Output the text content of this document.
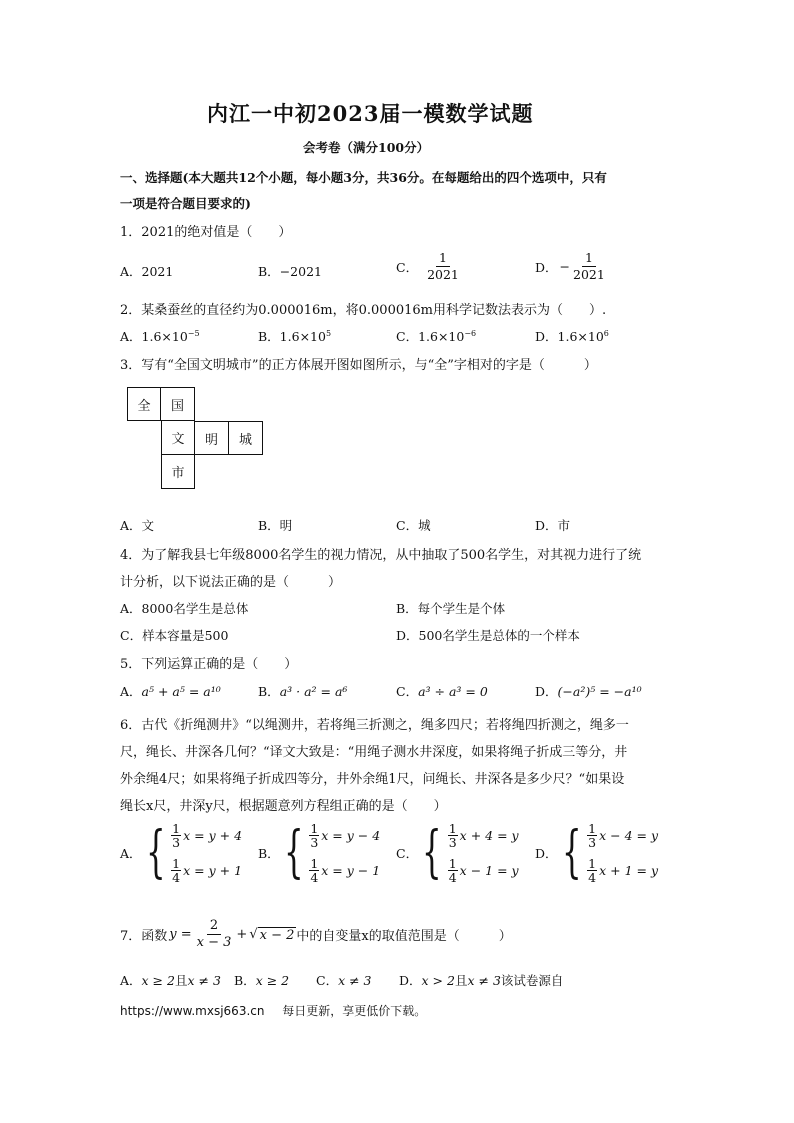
内江一中初2023届一模数学试题
会考卷（满分100分）
一、选择题(本大题共12个小题，每小题3分，共36分。在每题给出的四个选项中，只有
一项是符合题目要求的)
1．2021的绝对值是（　　）
A．2021	B．−2021	C． $\frac{1}{2021}$	D． − $\frac{1}{2021}$
2．某桑蚕丝的直径约为0.000016m，将0.000016m用科学记数法表示为（　　）.
A．$1.6\times 10^{-5}$	B．$1.6\times 10^5$	C．$1.6\times 10^{-6}$	D．$1.6\times 10^6$
3．写有“全国文明城市”的正方体展开图如图所示，与“全”字相对的字是（　　　）
全	国
文	明	城
市
A．文	B．明	C．城	D．市
4．为了解我县七年级8000名学生的视力情况，从中抽取了500名学生，对其视力进行了统
计分析，以下说法正确的是（　　　）
A．8000名学生是总体	B．每个学生是个体
C．样本容量是500	D．500名学生是总体的一个样本
5．下列运算正确的是（　　）
A．a⁵ + a⁵ = a¹⁰	B．a³ · a² = a⁶	C．a³ ÷ a³ = 0	D．(−a²)⁵ = −a¹⁰
6．古代《折绳测井》“以绳测井，若将绳三折测之，绳多四尺；若将绳四折测之，绳多一
尺，绳长、井深各几何？“译文大致是：“用绳子测水井深度，如果将绳子折成三等分，井
外余绳4尺；如果将绳子折成四等分，井外余绳1尺，问绳长、井深各是多少尺？“如果设
绳长x尺，井深y尺，根据题意列方程组正确的是（　　）
A． { 1
3 x = y + 4
1
4 x = y + 1
B． { 1
3 x = y − 4
1
4 x = y − 1
C． { 1
3 x + 4 = y
1
4 x − 1 = y
D． { 1
3 x − 4 = y
1
4 x + 1 = y
7．函数 $y = \frac{2}{x - 3}$ + √ x − 2 中的自变量x的取值范围是（　　　）
A．x ≥ 2且x ≠ 3 B．x ≥ 2 C．x ≠ 3 D．x > 2且x ≠ 3该试卷源自
https://www.mxsj663.cn 每日更新，享更低价下载。
